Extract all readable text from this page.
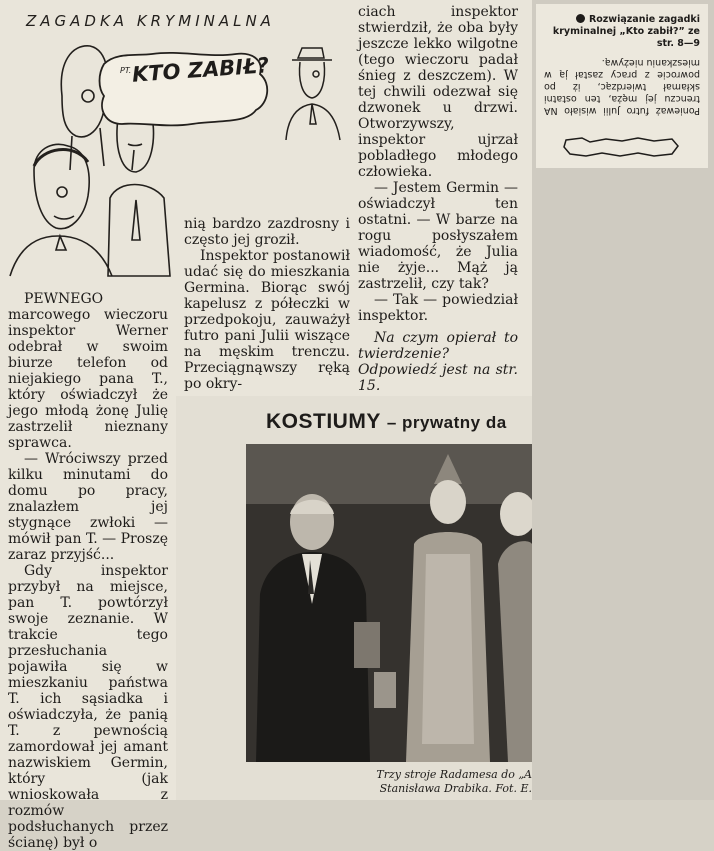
Rozwiązanie zagadki kryminalnej „Kto zabił?” ze str. 8—9
Ponieważ futro Julii wisiało NA trenczu jej męża, ten ostatni skłamał twierdząc, iż po powrocie z pracy zastał ją w mieszkaniu nieżywą.
ZAGADKA KRYMINALNA
PT. KTO ZABIŁ?

PEWNEGO marcowego wieczoru inspektor Werner odebrał w swoim biurze telefon od niejakiego pana T., który oświadczył że jego młodą żonę Julię zastrzelił nieznany sprawca.

— Wróciwszy przed kilku minutami do domu po pracy, znalazłem jej stygnące zwłoki — mówił pan T. — Proszę zaraz przyjść...

Gdy inspektor przybył na miejsce, pan T. powtórzył swoje zeznanie. W trakcie tego przesłuchania pojawiła się w mieszkaniu państwa T. ich sąsiadka i oświadczyła, że panią T. z pewnością zamordował jej amant nazwiskiem Germin, który (jak wnioskowała z rozmów podsłuchanych przez ścianę) był o

nią bardzo zazdrosny i często jej groził.

Inspektor postanowił udać się do mieszkania Germina. Biorąc swój kapelusz z półeczki w przedpokoju, zauważył futro pani Julii wiszące na męskim trenczu. Przeciągnąwszy ręką po okry-

ciach inspektor stwierdził, że oba były jeszcze lekko wilgotne (tego wieczoru padał śnieg z deszczem). W tej chwili odezwał się dzwonek u drzwi. Otworzywszy, inspektor ujrzał pobladłego młodego człowieka.

— Jestem Germin — oświadczył ten ostatni. — W barze na rogu posłyszałem wiadomość, że Julia nie żyje... Mąż ją zastrzelił, czy tak?

— Tak — powiedział inspektor.

Na czym opierał to twierdzenie? Odpowiedź jest na str. 15.

KOSTIUMY – prywatny da
Trzy stroje Radamesa do „A
Stanisława Drabika. Fot. E.
